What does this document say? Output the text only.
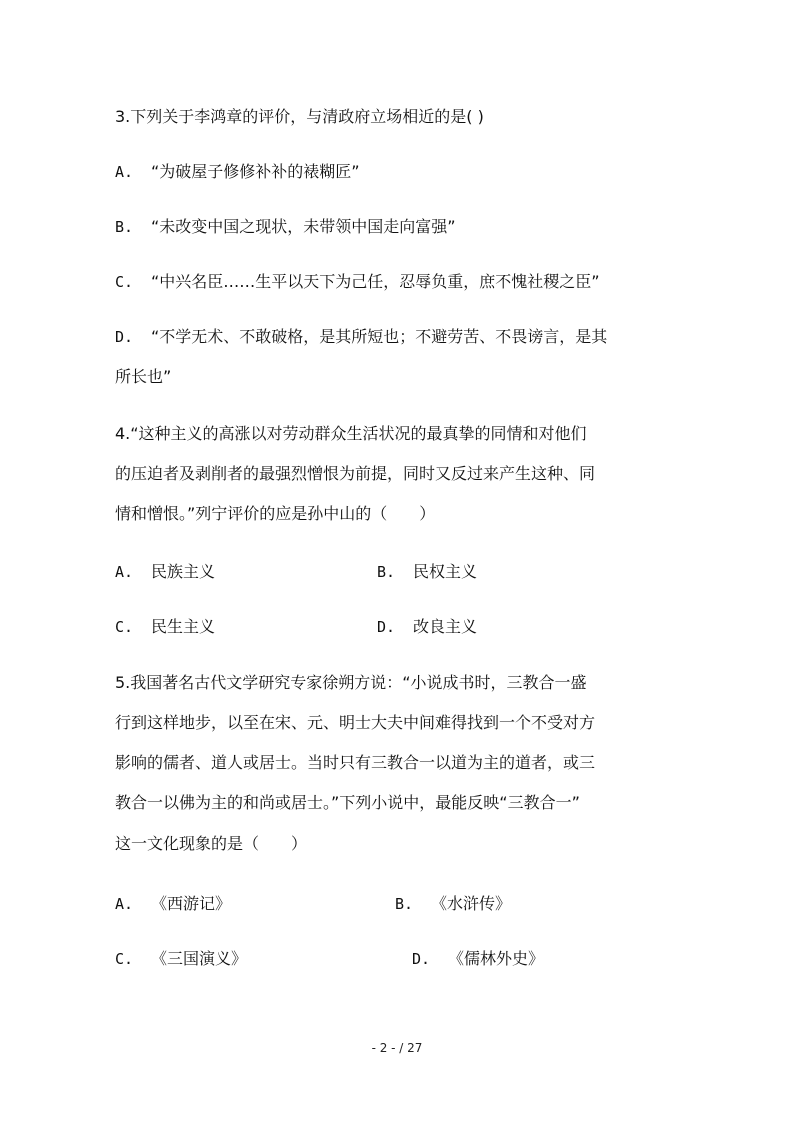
3.下列关于李鸿章的评价，与清政府立场相近的是( )
A. “为破屋子修修补补的裱糊匠”
B. “未改变中国之现状，未带领中国走向富强”
C. “中兴名臣……生平以天下为己任，忍辱负重，庶不愧社稷之臣”
D. “不学无术、不敢破格，是其所短也；不避劳苦、不畏谤言，是其
所长也”
4.“这种主义的高涨以对劳动群众生活状况的最真挚的同情和对他们
的压迫者及剥削者的最强烈憎恨为前提，同时又反过来产生这种、同
情和憎恨。”列宁评价的应是孙中山的（　　）
A. 民族主义	B. 民权主义
C. 民生主义	D. 改良主义
5.我国著名古代文学研究专家徐朔方说：“小说成书时，三教合一盛
行到这样地步，以至在宋、元、明士大夫中间难得找到一个不受对方
影响的儒者、道人或居士。当时只有三教合一以道为主的道者，或三
教合一以佛为主的和尚或居士。”下列小说中，最能反映“三教合一”
这一文化现象的是（　　）
A. 《西游记》	B. 《水浒传》
C. 《三国演义》	D. 《儒林外史》
- 2 - / 27
